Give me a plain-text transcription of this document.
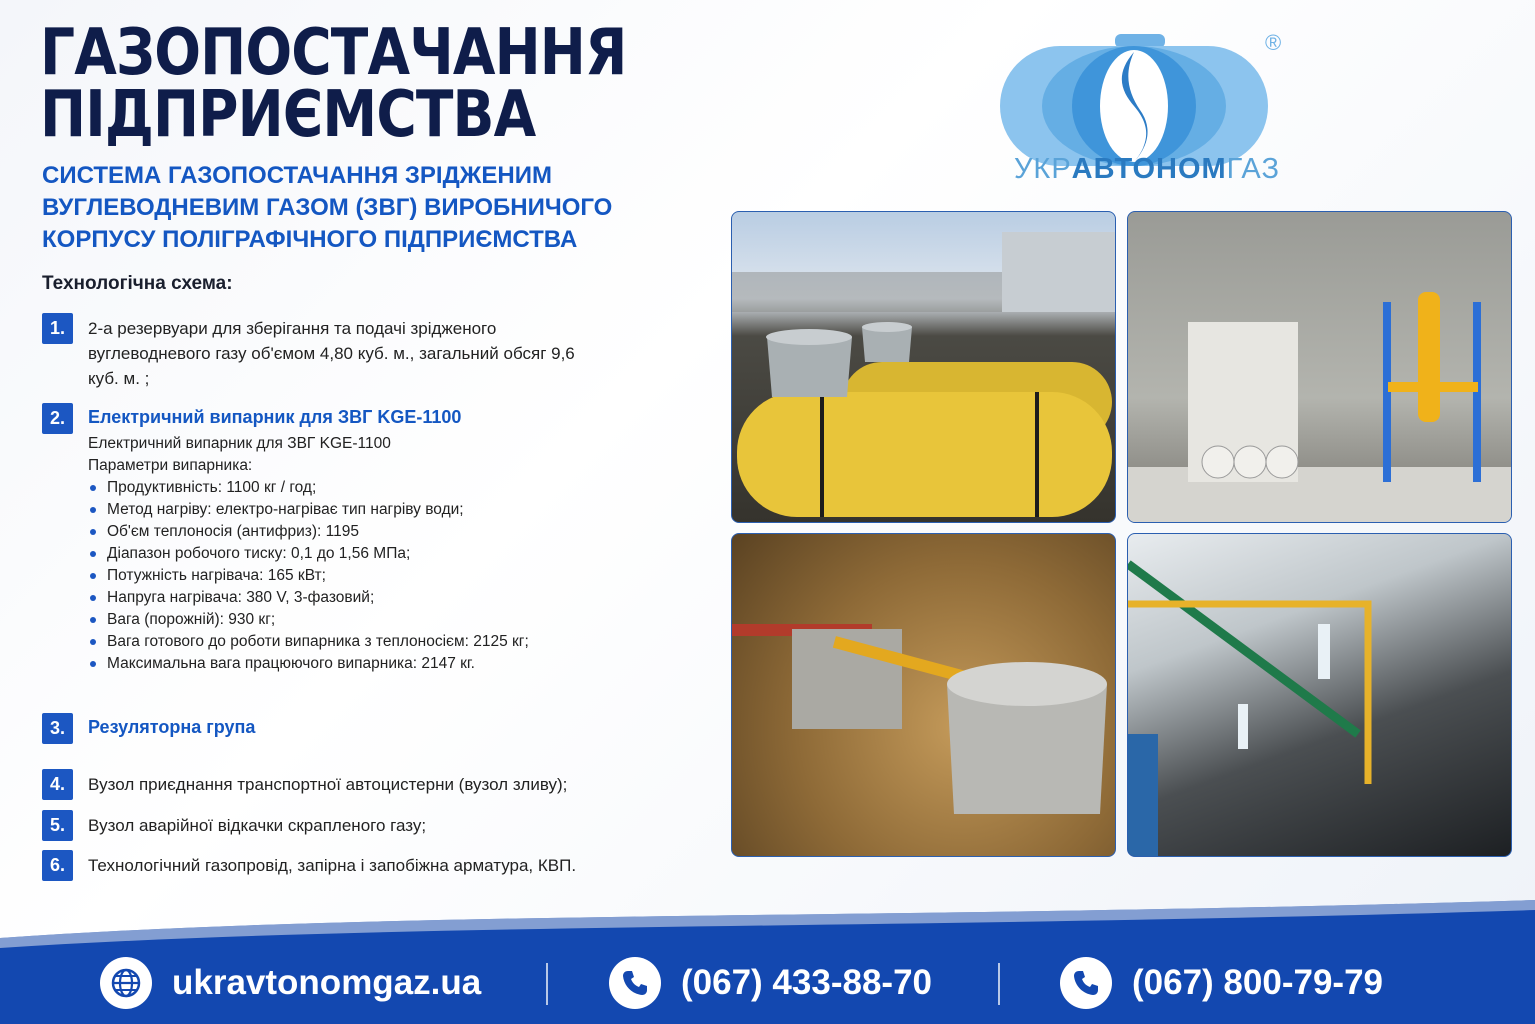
ГАЗОПОСТАЧАННЯ
ПІДПРИЄМСТВА

СИСТЕМА ГАЗОПОСТАЧАННЯ ЗРІДЖЕНИМ ВУГЛЕВОДНЕВИМ ГАЗОМ (ЗВГ) ВИРОБНИЧОГО КОРПУСУ ПОЛІГРАФІЧНОГО ПІДПРИЄМСТВА

УКРАВТОНОМГАЗ
®
Технологічна схема:
1.	2-а резервуари для зберігання та подачі зрідженого вуглеводневого газу об'ємом 4,80 куб. м., загальний обсяг 9,6 куб. м. ;
2.	Електричний випарник для ЗВГ KGE-1100

Електричний випарник для ЗВГ KGE-1100

Параметри випарника:

Продуктивність: 1100 кг / год;
Метод нагріву: електро-нагріває тип нагріву води;
Об'єм теплоносія (антифриз): 1195
Діапазон робочого тиску: 0,1 до 1,56 МПа;
Потужність нагрівача: 165 кВт;
Напруга нагрівача: 380 V, 3-фазовий;
Вага (порожній): 930 кг;
Вага готового до роботи випарника з теплоносієм: 2125 кг;
Максимальна вага працюючого випарника: 2147 кг.
3.	Резуляторна група
4.	Вузол приєднання транспортної автоцистерни (вузол зливу);
5.	Вузол аварійної відкачки скрапленого газу;
6.	Технологічний газопровід, запірна і запобіжна арматура, КВП.
ukravtonomgaz.ua	(067) 433-88-70	(067) 800-79-79
